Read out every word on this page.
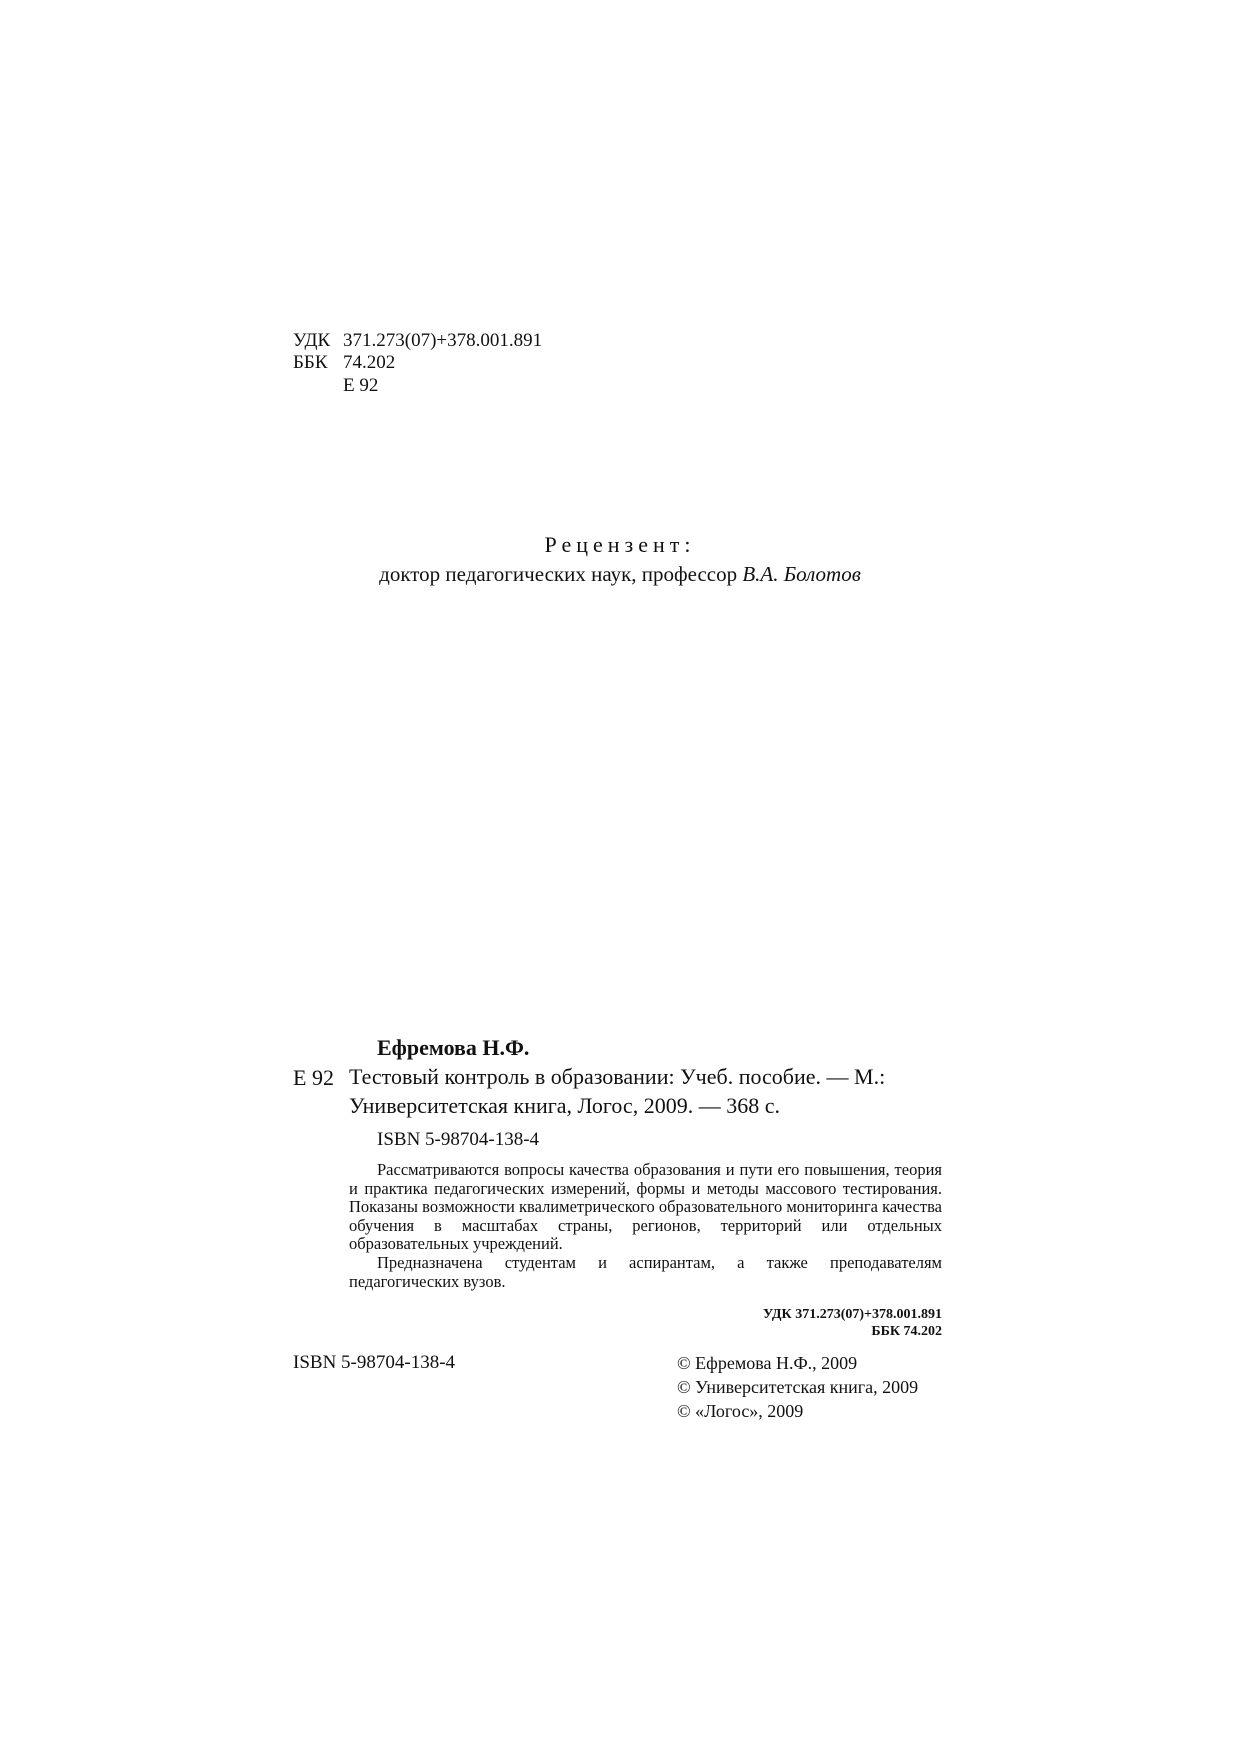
УДК 371.273(07)+378.001.891
ББК 74.202
Е 92
Рецензент:
доктор педагогических наук, профессор В.А. Болотов
Ефремова Н.Ф.
Е 92 Тестовый контроль в образовании: Учеб. пособие. — М.:
Университетская книга, Логос, 2009. — 368 с.
ISBN 5-98704-138-4

Рассматриваются вопросы качества образования и пути его повышения, теория и практика педагогических измерений, формы и методы массового тестирования. Показаны возможности квалиметрического образовательного мониторинга качества обучения в масштабах страны, регионов, территорий или отдельных образовательных учреждений.

Предназначена студентам и аспирантам, а также преподавателям педагогических вузов.

УДК 371.273(07)+378.001.891
ББК 74.202
ISBN 5-98704-138-4	© Ефремова Н.Ф., 2009
© Университетская книга, 2009
© «Логос», 2009
